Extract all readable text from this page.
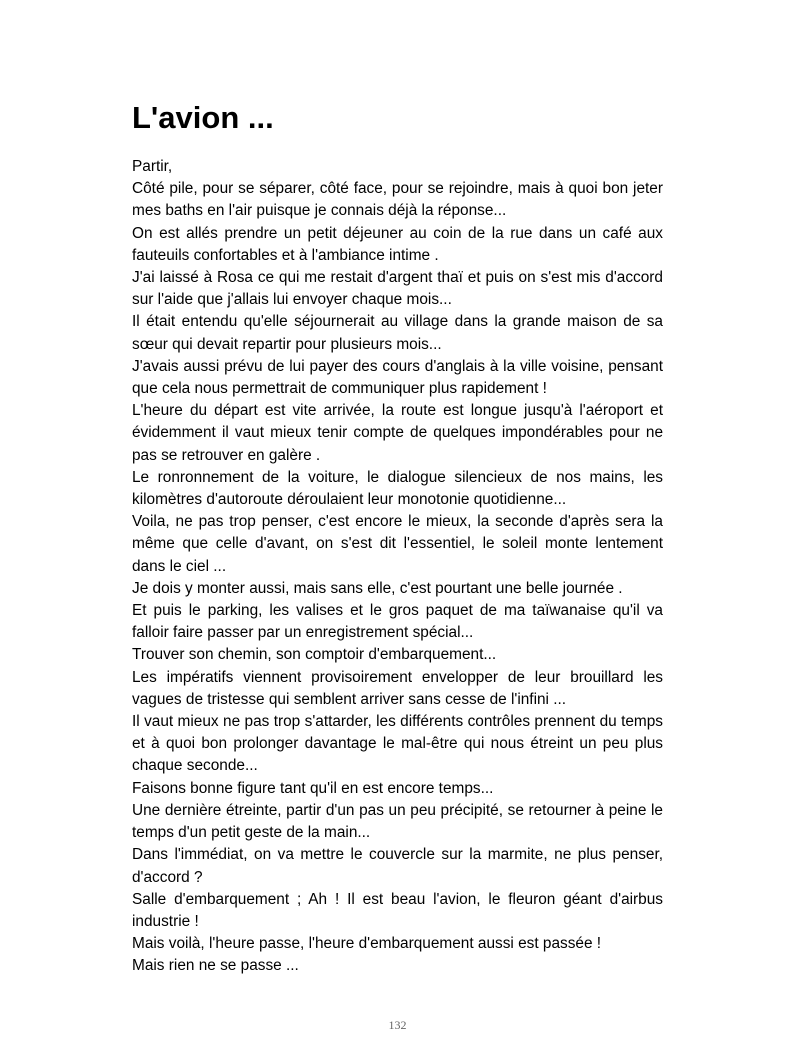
L'avion ...

Partir,

Côté pile, pour se séparer, côté face, pour se rejoindre, mais à quoi bon jeter mes baths en l'air puisque je connais déjà la réponse...

On est allés prendre un petit déjeuner au coin de la rue dans un café aux fauteuils confortables et à l'ambiance intime .

J'ai laissé à Rosa ce qui me restait d'argent thaï et puis on s'est mis d'accord sur l'aide que j'allais lui envoyer chaque mois...

Il était entendu qu'elle séjournerait au village dans la grande maison de sa sœur qui devait repartir pour plusieurs mois...

J'avais aussi prévu de lui payer des cours d'anglais à la ville voisine, pensant que cela nous permettrait de communiquer plus rapidement !

L'heure du départ est vite arrivée, la route est longue jusqu'à l'aéroport et évidemment il vaut mieux tenir compte de quelques impondérables pour ne pas se retrouver en galère .

Le ronronnement de la voiture, le dialogue silencieux de nos mains, les kilomètres d'autoroute déroulaient leur monotonie quotidienne...

Voila, ne pas trop penser, c'est encore le mieux, la seconde d'après sera la même que celle d'avant, on s'est dit l'essentiel, le soleil monte lentement dans le ciel ...

Je dois y monter aussi, mais sans elle, c'est pourtant une belle journée .

Et puis le parking, les valises et le gros paquet de ma taïwanaise qu'il va falloir faire passer par un enregistrement spécial...

Trouver son chemin, son comptoir d'embarquement...

Les impératifs viennent provisoirement envelopper de leur brouillard les vagues de tristesse qui semblent arriver sans cesse de l'infini ...

Il vaut mieux ne pas trop s'attarder, les différents contrôles prennent du temps et à quoi bon prolonger davantage le mal-être qui nous étreint un peu plus chaque seconde...

Faisons bonne figure tant qu'il en est encore temps...

Une dernière étreinte, partir d'un pas un peu précipité, se retourner à peine le temps d'un petit geste de la main...

Dans l'immédiat, on va mettre le couvercle sur la marmite, ne plus penser, d'accord ?

Salle d'embarquement ; Ah ! Il est beau l'avion, le fleuron géant d'airbus industrie !

Mais voilà, l'heure passe, l'heure d'embarquement aussi est passée !

Mais rien ne se passe ...

132
